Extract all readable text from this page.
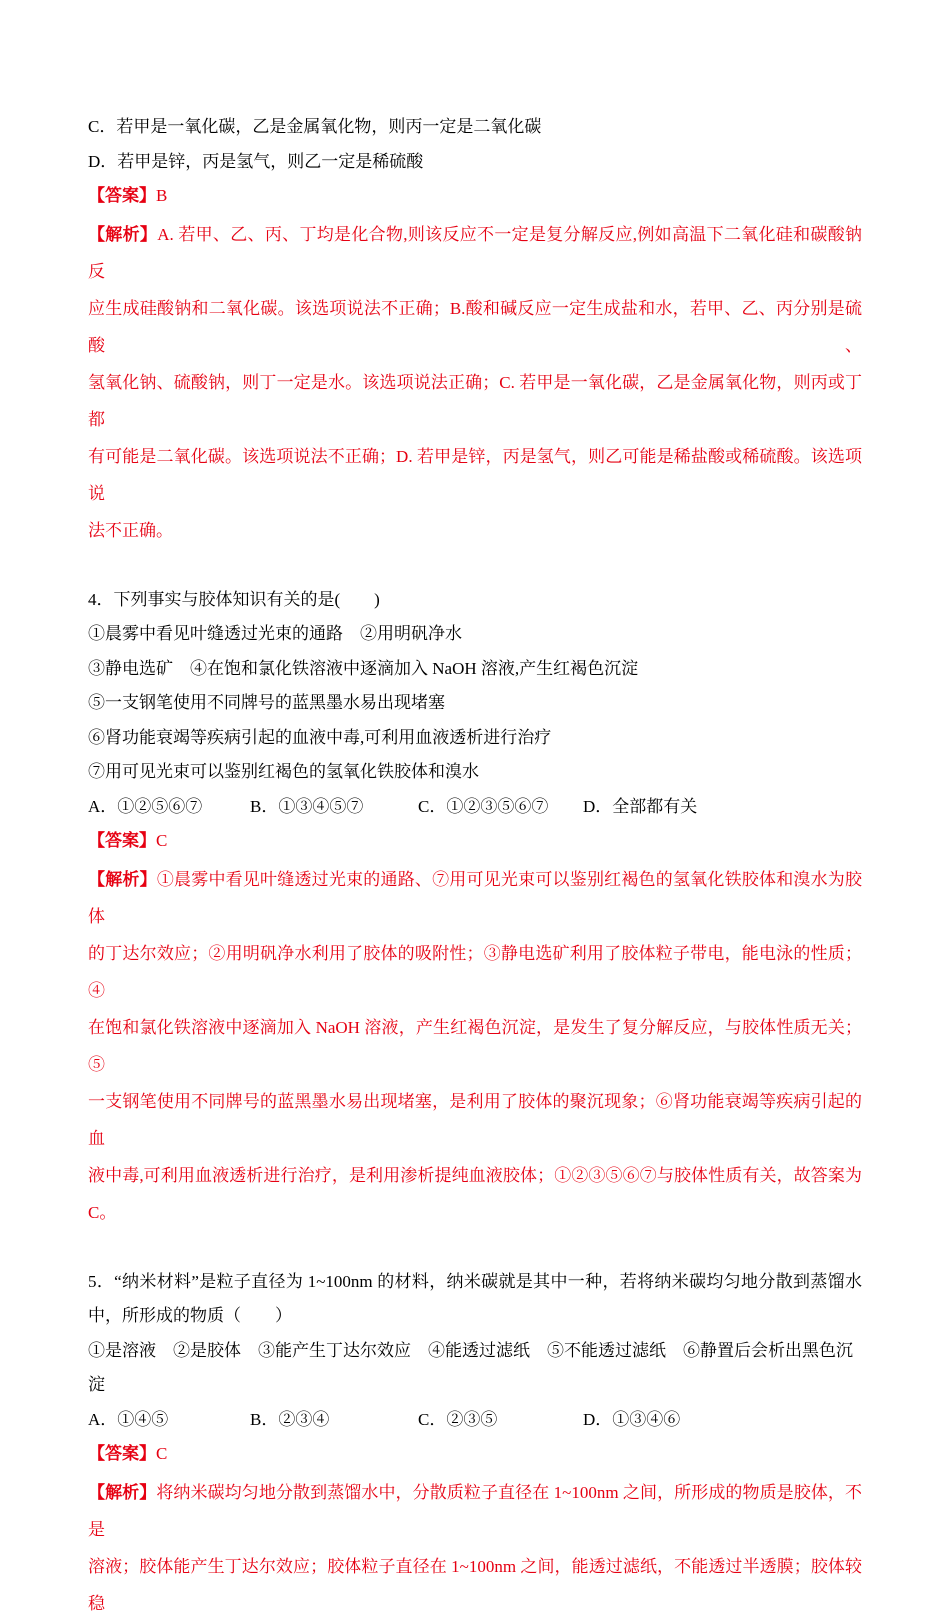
C．若甲是一氧化碳，乙是金属氧化物，则丙一定是二氧化碳
D．若甲是锌，丙是氢气，则乙一定是稀硫酸
【答案】B
【解析】A. 若甲、乙、丙、丁均是化合物,则该反应不一定是复分解反应,例如高温下二氧化硅和碳酸钠反
应生成硅酸钠和二氧化碳。该选项说法不正确；B.酸和碱反应一定生成盐和水，若甲、乙、丙分别是硫酸、
氢氧化钠、硫酸钠，则丁一定是水。该选项说法正确；C. 若甲是一氧化碳，乙是金属氧化物，则丙或丁都
有可能是二氧化碳。该选项说法不正确；D. 若甲是锌，丙是氢气，则乙可能是稀盐酸或稀硫酸。该选项说
法不正确。
4．下列事实与胶体知识有关的是(　　)
①晨雾中看见叶缝透过光束的通路　②用明矾净水
③静电选矿　④在饱和氯化铁溶液中逐滴加入 NaOH 溶液,产生红褐色沉淀
⑤一支钢笔使用不同牌号的蓝黑墨水易出现堵塞
⑥肾功能衰竭等疾病引起的血液中毒,可利用血液透析进行治疗
⑦用可见光束可以鉴别红褐色的氢氧化铁胶体和溴水
A．①②⑤⑥⑦	B．①③④⑤⑦	C．①②③⑤⑥⑦ D．全部都有关
【答案】C
【解析】①晨雾中看见叶缝透过光束的通路、⑦用可见光束可以鉴别红褐色的氢氧化铁胶体和溴水为胶体
的丁达尔效应；②用明矾净水利用了胶体的吸附性；③静电选矿利用了胶体粒子带电，能电泳的性质；④
在饱和氯化铁溶液中逐滴加入 NaOH 溶液，产生红褐色沉淀，是发生了复分解反应，与胶体性质无关；⑤
一支钢笔使用不同牌号的蓝黑墨水易出现堵塞，是利用了胶体的聚沉现象；⑥肾功能衰竭等疾病引起的血
液中毒,可利用血液透析进行治疗，是利用渗析提纯血液胶体；①②③⑤⑥⑦与胶体性质有关，故答案为
C。
5．“纳米材料”是粒子直径为 1~100nm 的材料，纳米碳就是其中一种，若将纳米碳均匀地分散到蒸馏水
中，所形成的物质（　　）
①是溶液　②是胶体　③能产生丁达尔效应　④能透过滤纸　⑤不能透过滤纸　⑥静置后会析出黑色沉淀
A．①④⑤	B．②③④	C．②③⑤	D．①③④⑥
【答案】C
【解析】将纳米碳均匀地分散到蒸馏水中，分散质粒子直径在 1~100nm 之间，所形成的物质是胶体，不是
溶液；胶体能产生丁达尔效应；胶体粒子直径在 1~100nm 之间，能透过滤纸，不能透过半透膜；胶体较稳
